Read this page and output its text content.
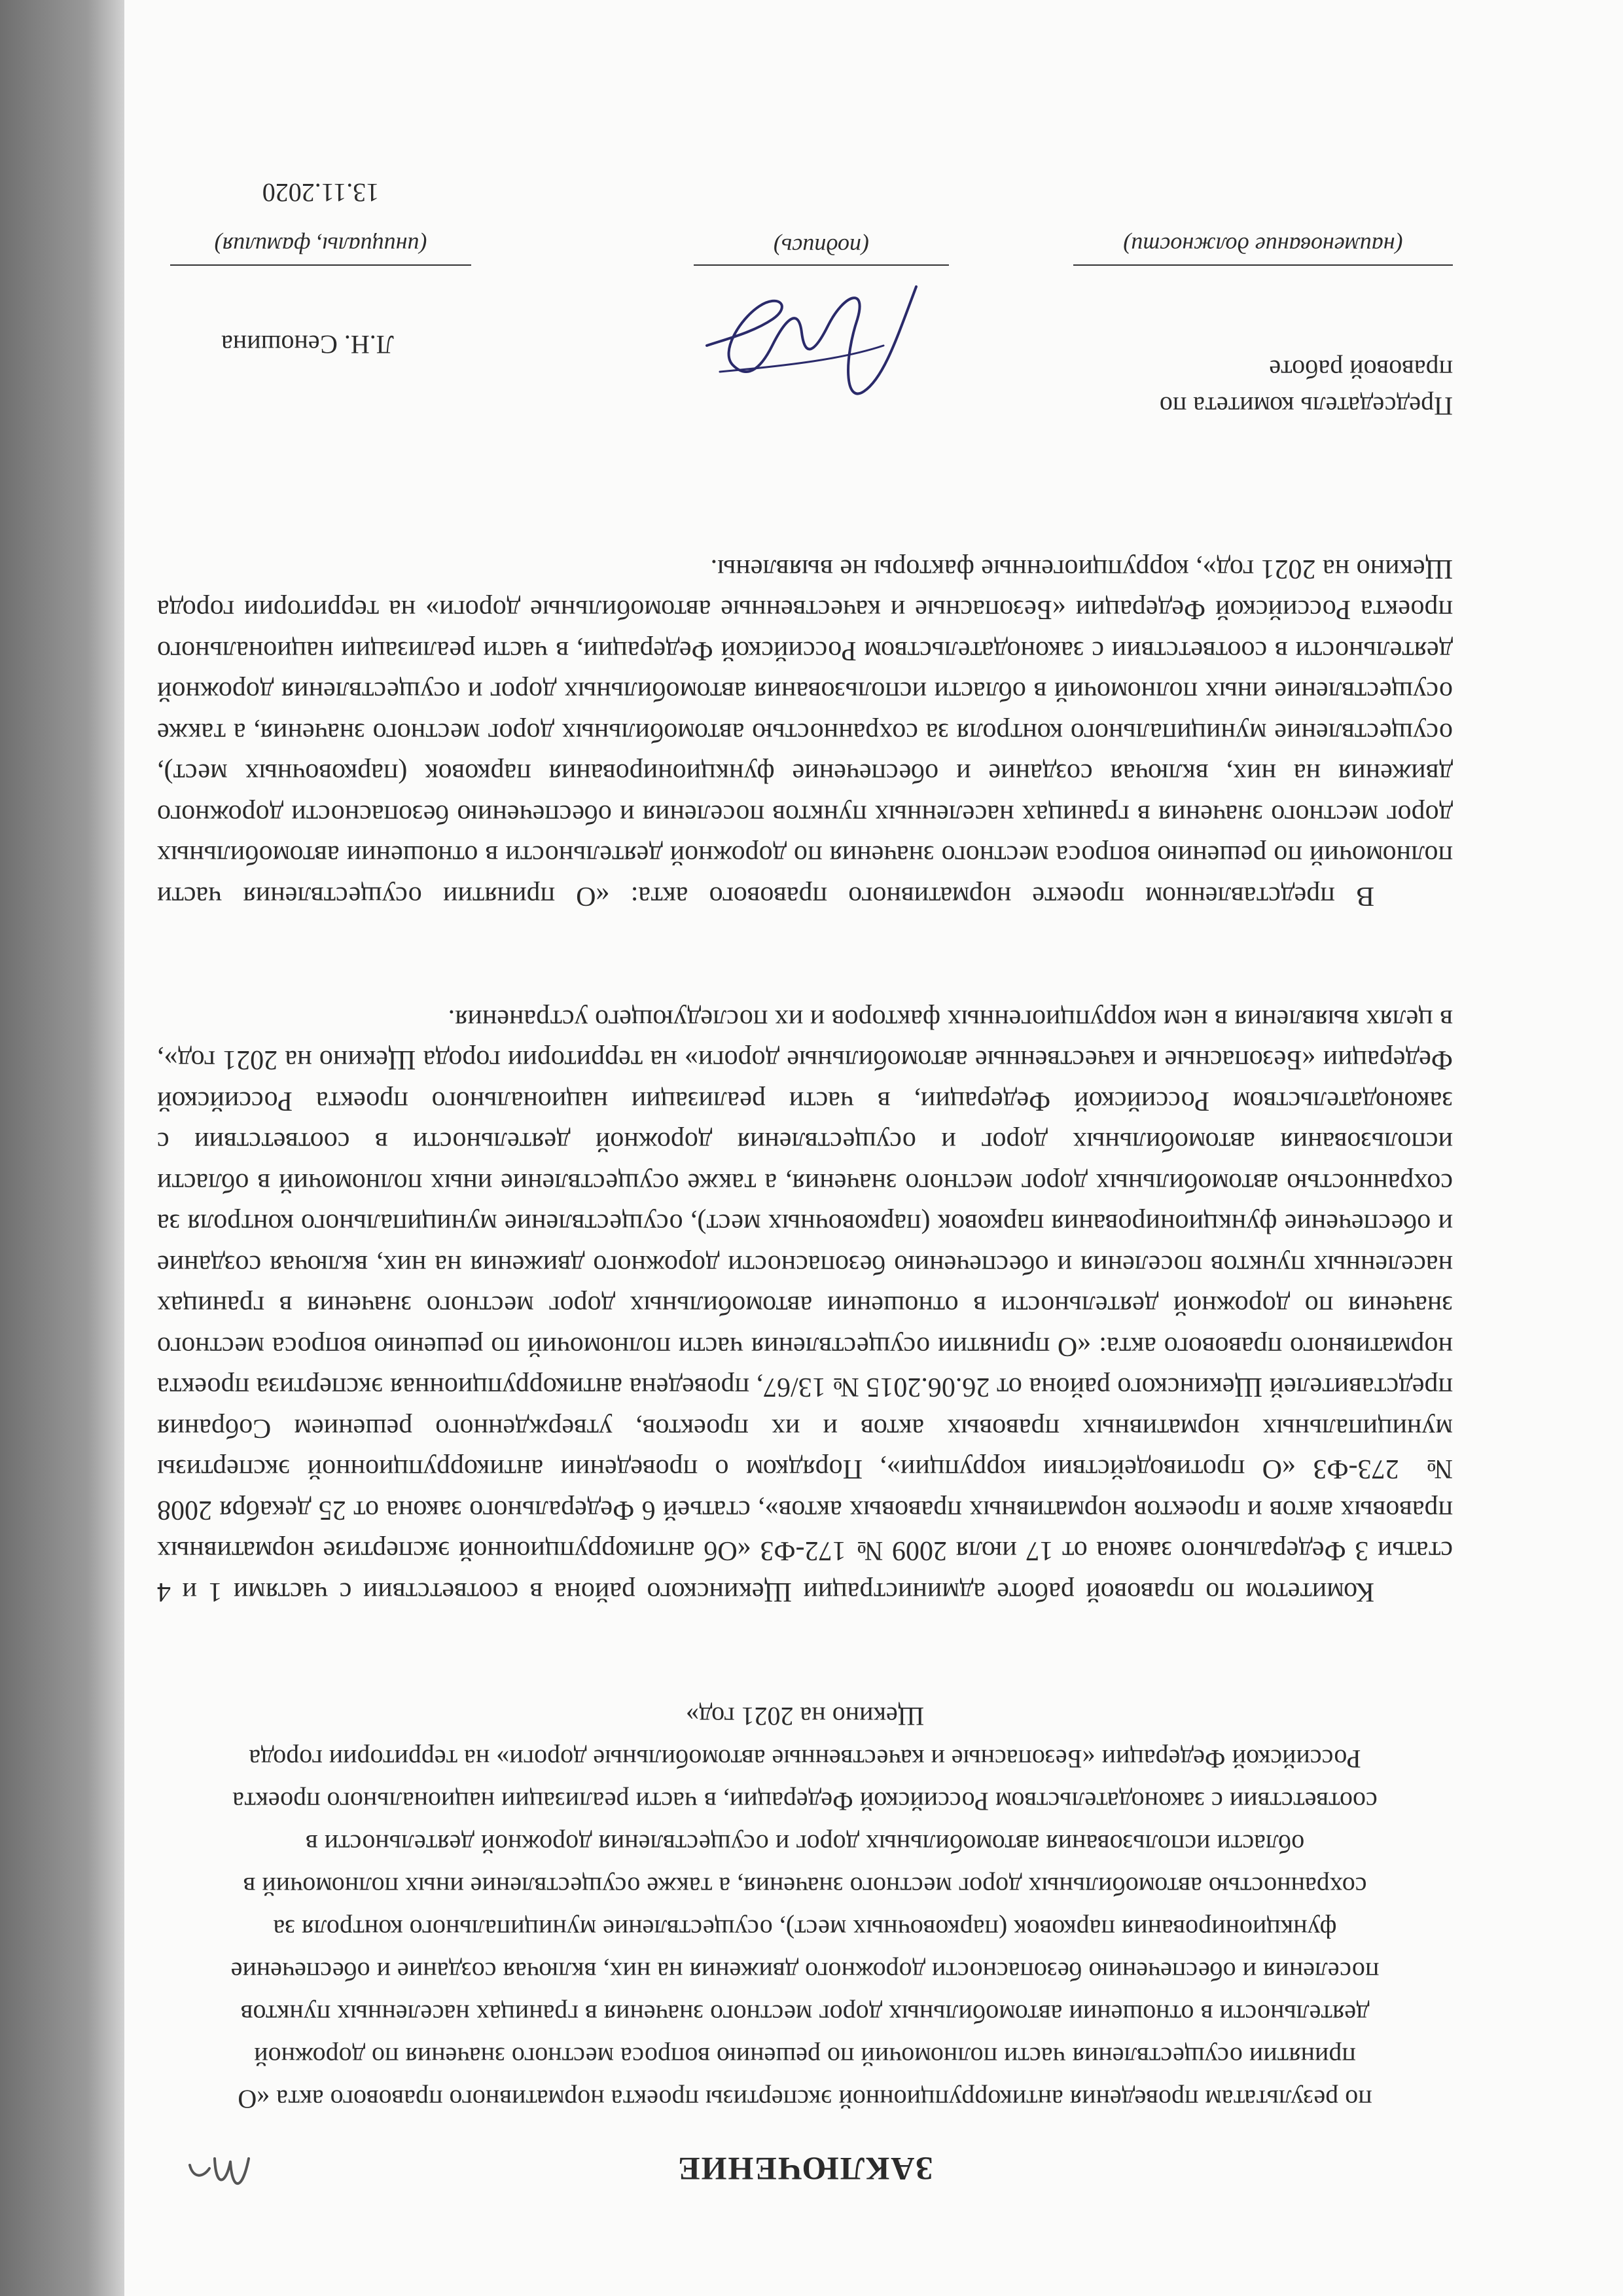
ЗАКЛЮЧЕНИЕ
по результатам проведения антикоррупционной экспертизы проекта нормативного правового акта «О принятии осуществления части полномочий по решению вопроса местного значения по дорожной деятельности в отношении автомобильных дорог местного значения в границах населенных пунктов поселения и обеспечению безопасности дорожного движения на них, включая создание и обеспечение функционирования парковок (парковочных мест), осуществление муниципального контроля за сохранностью автомобильных дорог местного значения, а также осуществление иных полномочий в области использования автомобильных дорог и осуществления дорожной деятельности в соответствии с законодательством Российской Федерации, в части реализации национального проекта Российской Федерации «Безопасные и качественные автомобильные дороги» на территории города Щекино на 2021 год»
Комитетом по правовой работе администрации Щекинского района в соответствии с частями 1 и 4 статьи 3 Федерального закона от 17 июля 2009 № 172-ФЗ «Об антикоррупционной экспертизе нормативных правовых актов и проектов нормативных правовых актов», статьей 6 Федерального закона от 25 декабря 2008 № 273-ФЗ «О противодействии коррупции», Порядком о проведении антикоррупционной экспертизы муниципальных нормативных правовых актов и их проектов, утвержденного решением Собрания представителей Щекинского района от 26.06.2015 № 13/67, проведена антикоррупционная экспертиза проекта нормативного правового акта: «О принятии осуществления части полномочий по решению вопроса местного значения по дорожной деятельности в отношении автомобильных дорог местного значения в границах населенных пунктов поселения и обеспечению безопасности дорожного движения на них, включая создание и обеспечение функционирования парковок (парковочных мест), осуществление муниципального контроля за сохранностью автомобильных дорог местного значения, а также осуществление иных полномочий в области использования автомобильных дорог и осуществления дорожной деятельности в соответствии с законодательством Российской Федерации, в части реализации национального проекта Российской Федерации «Безопасные и качественные автомобильные дороги» на территории города Щекино на 2021 год», в целях выявления в нем коррупциогенных факторов и их последующего устранения.
В представленном проекте нормативного правового акта: «О принятии осуществления части полномочий по решению вопроса местного значения по дорожной деятельности в отношении автомобильных дорог местного значения в границах населенных пунктов поселения и обеспечению безопасности дорожного движения на них, включая создание и обеспечение функционирования парковок (парковочных мест), осуществление муниципального контроля за сохранностью автомобильных дорог местного значения, а также осуществление иных полномочий в области использования автомобильных дорог и осуществления дорожной деятельности в соответствии с законодательством Российской Федерации, в части реализации национального проекта Российской Федерации «Безопасные и качественные автомобильные дороги» на территории города Щекино на 2021 год», коррупциогенные факторы не выявлены.
Председатель комитета по правовой работе
(наименование должности)
(подпись)
Л.Н. Сеношина
(инициалы, фамилия)
13.11.2020
